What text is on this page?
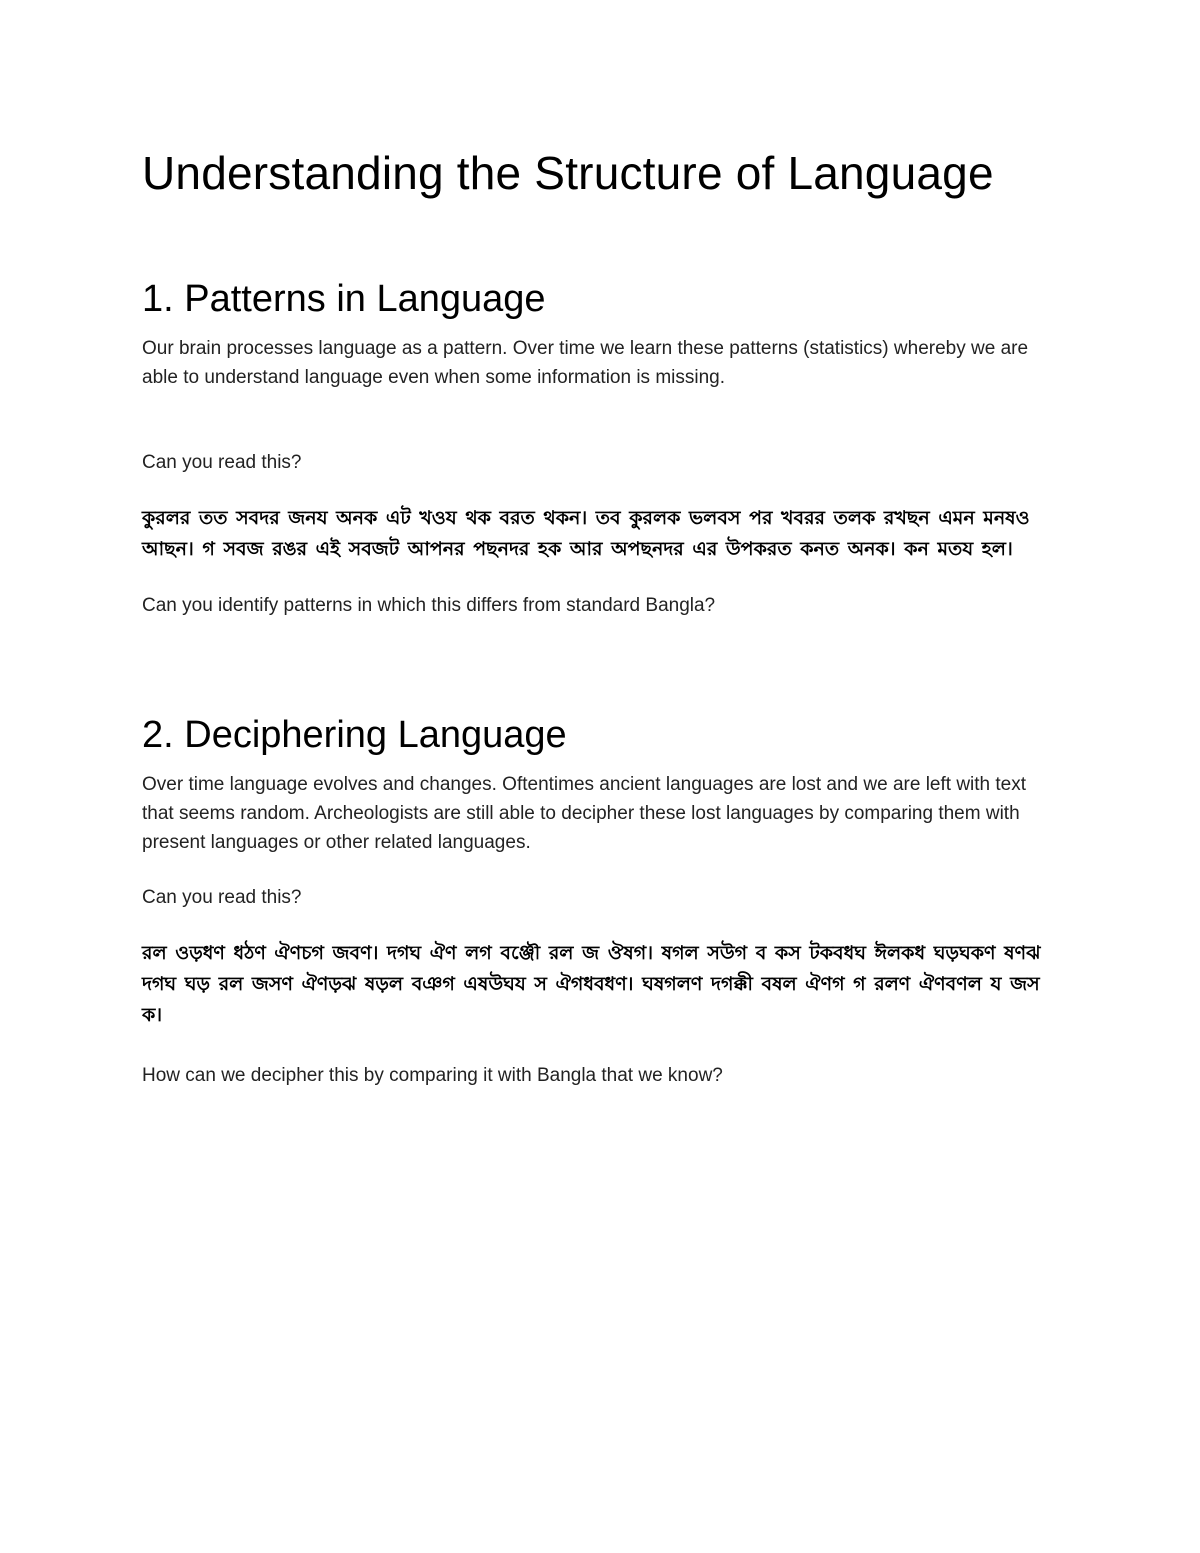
Understanding the Structure of Language
1. Patterns in Language

Our brain processes language as a pattern. Over time we learn these patterns (statistics) whereby we are able to understand language even when some information is missing.

Can you read this?

কুরলর তত সবদর জনয অনক এট খওয থক বরত থকন। তব কুরলক ভলবস পর খবরর তলক রখছন এমন মনষও আছন। গ সবজ রঙর এই সবজট আপনর পছনদর হক আর অপছনদর এর উপকরত কনত অনক। কন মতয হল।

Can you identify patterns in which this differs from standard Bangla?

2. Deciphering Language

Over time language evolves and changes. Oftentimes ancient languages are lost and we are left with text that seems random. Archeologists are still able to decipher these lost languages by comparing them with present languages or other related languages.

Can you read this?

রল ওড়ধণ ধঠণ ঐণচগ জবণ। দগঘ ঐণ লগ বঞ্জৌ রল জ ঔষগ। ষগল সউগ ব কস টকবধঘ ঈলকধ ঘড়ঘকণ ষণঝ দগঘ ঘড় রল জসণ ঐণড়ঝ ষড়ল বঞগ এষউঘয স ঐগধবধণ। ঘষগলণ দগক্কী বষল ঐণগ গ রলণ ঐণবণল য জস ক।

How can we decipher this by comparing it with Bangla that we know?
